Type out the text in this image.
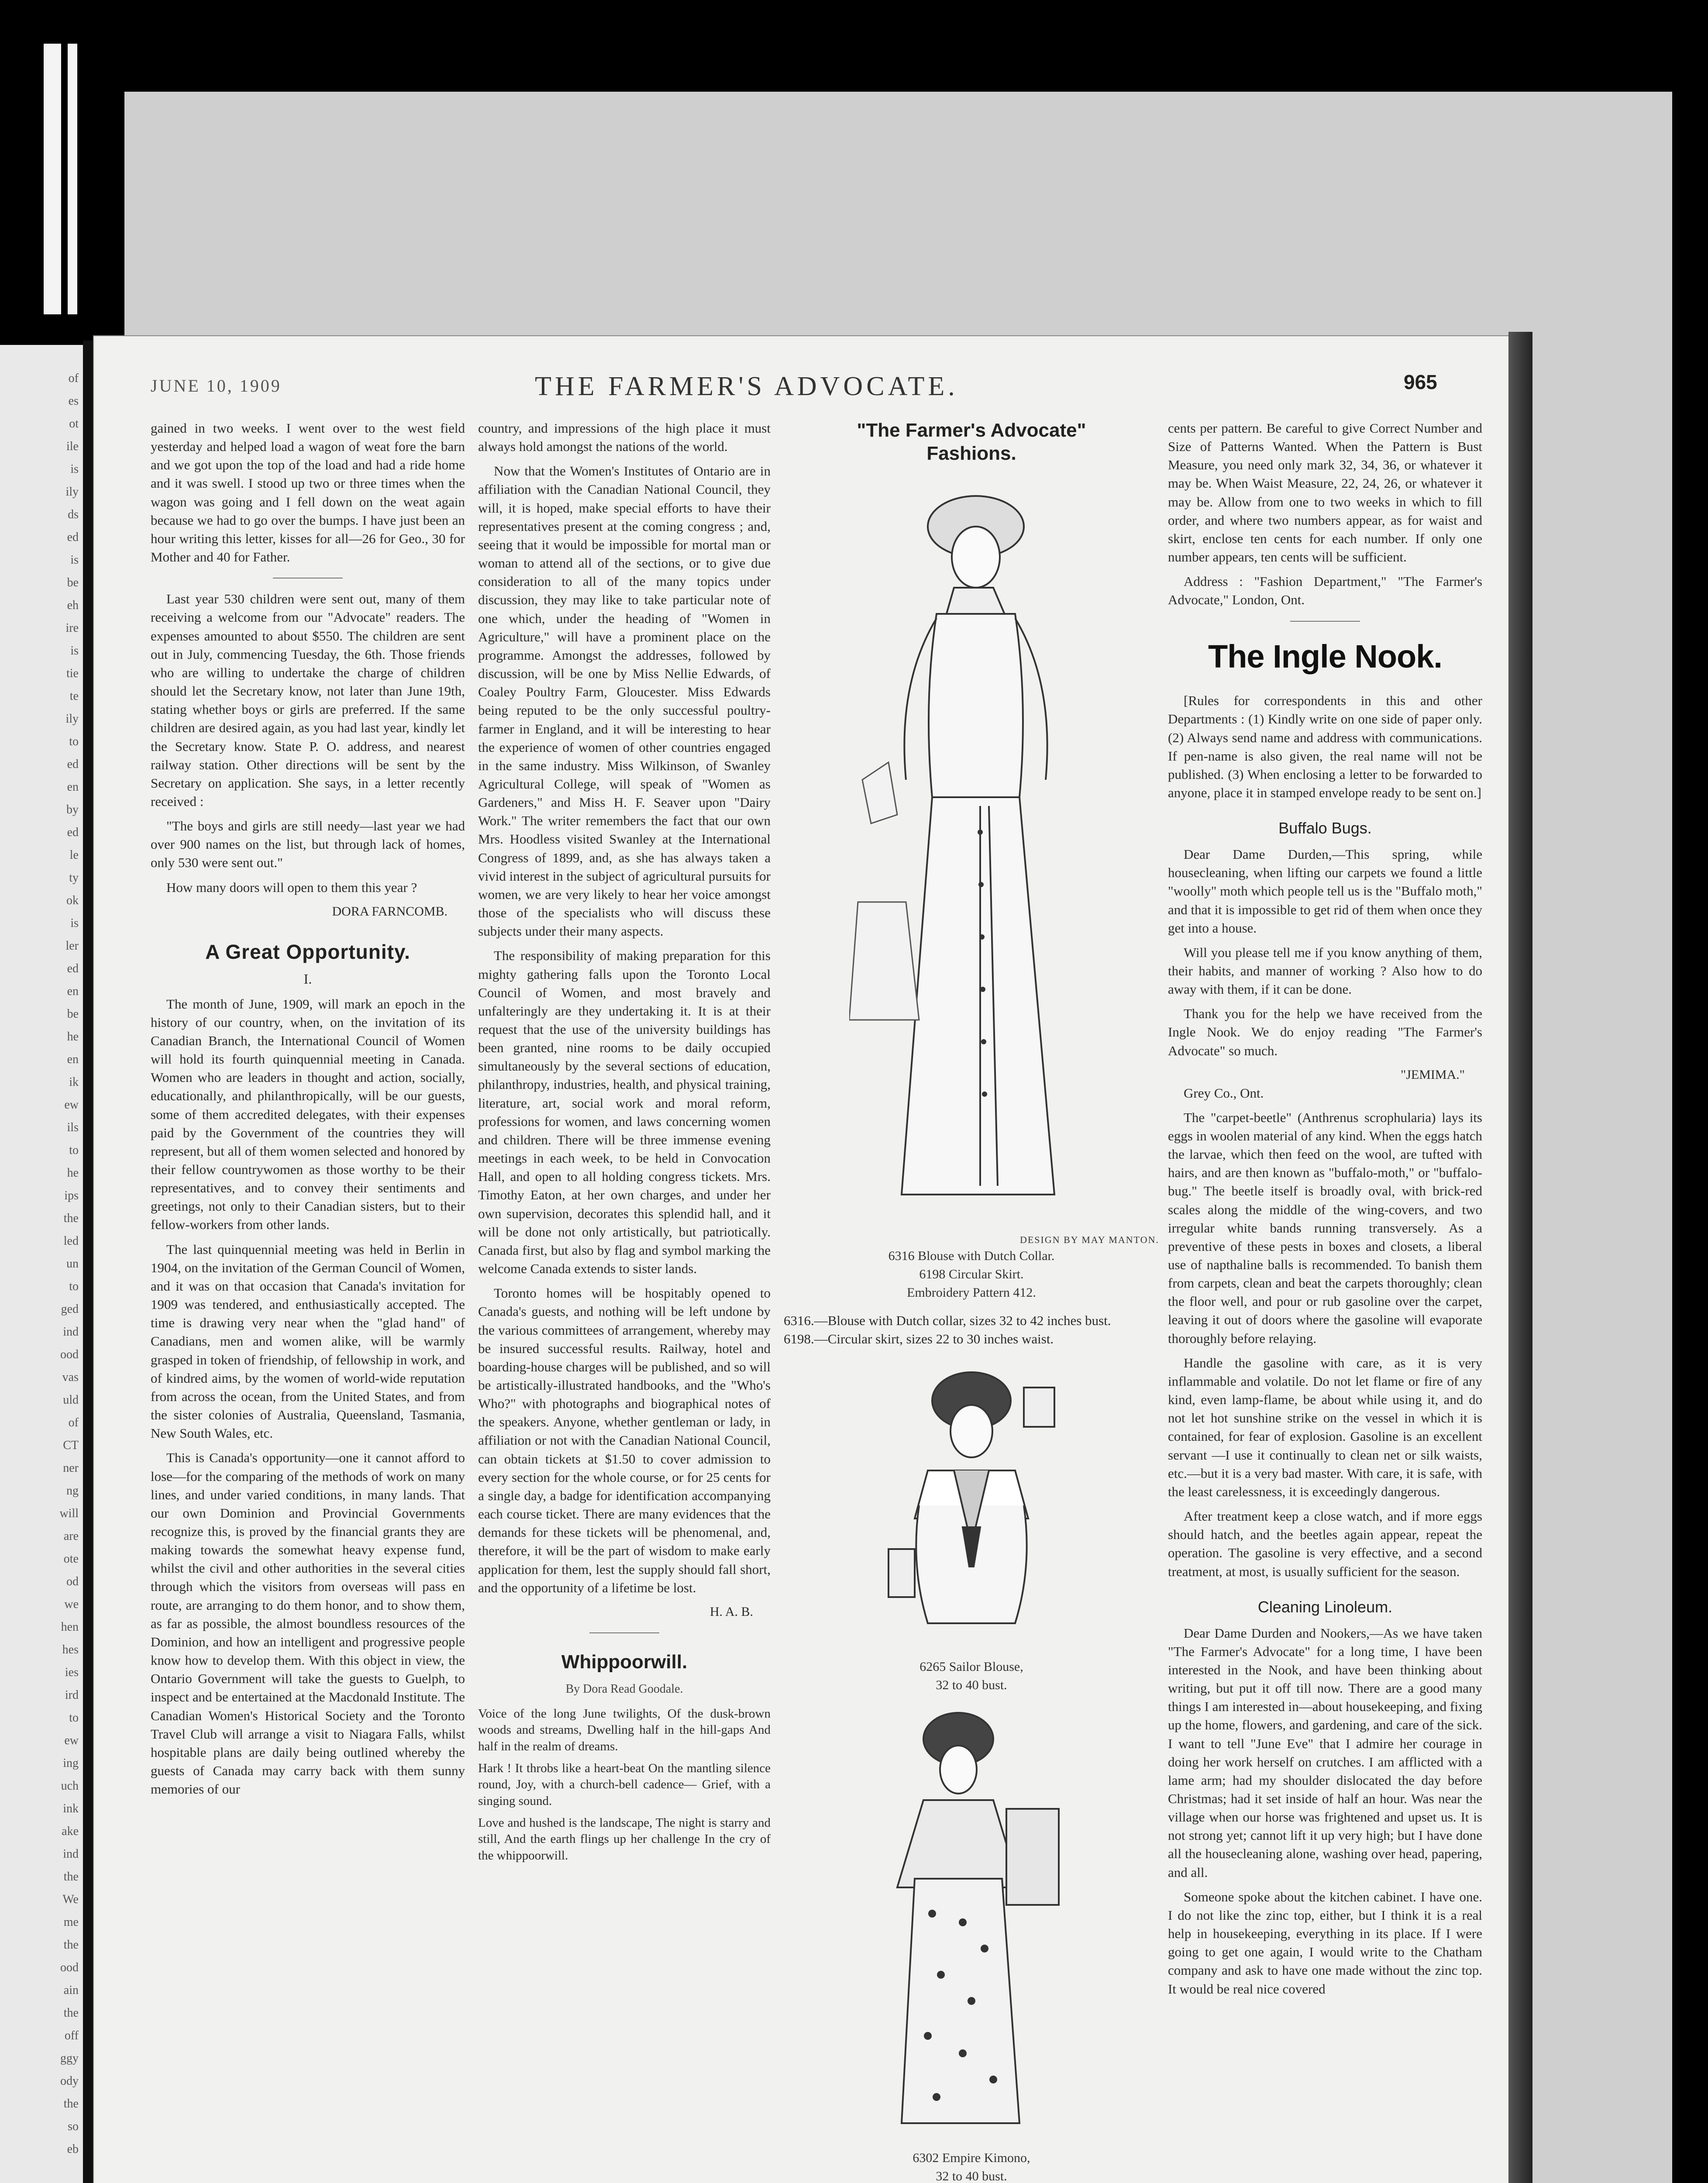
of
es
ot
ile
is
ily
ds
ed
is
be
eh
ire
is
tie
te
ily
to
ed
en
by
ed
le
ty
ok
is
ler
ed
en
be
he
en
ik
ew
ils
to
he
ips
the
led
un
to
ged
ind
ood
vas
uld
of
CT
ner
ng
will
are
ote
od
we
hen
hes
ies
ird
to
ew
ing
uch
ink
ake
ind
the
We
me
the
ood
ain
the
off
ggy
ody
the
so
eb
JUNE 10, 1909	THE FARMER'S ADVOCATE.	965

gained in two weeks. I went over to the west field yesterday and helped load a wagon of weat fore the barn and we got upon the top of the load and had a ride home and it was swell. I stood up two or three times when the wagon was going and I fell down on the weat again because we had to go over the bumps. I have just been an hour writing this letter, kisses for all—26 for Geo., 30 for Mother and 40 for Father.

Last year 530 children were sent out, many of them receiving a welcome from our "Advocate" readers. The expenses amounted to about $550. The children are sent out in July, commencing Tuesday, the 6th. Those friends who are willing to undertake the charge of children should let the Secretary know, not later than June 19th, stating whether boys or girls are preferred. If the same children are desired again, as you had last year, kindly let the Secretary know. State P. O. address, and nearest railway station. Other directions will be sent by the Secretary on application. She says, in a letter recently received :

"The boys and girls are still needy—last year we had over 900 names on the list, but through lack of homes, only 530 were sent out."

How many doors will open to them this year ?

DORA FARNCOMB.
A Great Opportunity.
I.

The month of June, 1909, will mark an epoch in the history of our country, when, on the invitation of its Canadian Branch, the International Council of Women will hold its fourth quinquennial meeting in Canada. Women who are leaders in thought and action, socially, educationally, and philanthropically, will be our guests, some of them accredited delegates, with their expenses paid by the Government of the countries they will represent, but all of them women selected and honored by their fellow countrywomen as those worthy to be their representatives, and to convey their sentiments and greetings, not only to their Canadian sisters, but to their fellow-workers from other lands.

The last quinquennial meeting was held in Berlin in 1904, on the invitation of the German Council of Women, and it was on that occasion that Canada's invitation for 1909 was tendered, and enthusiastically accepted. The time is drawing very near when the "glad hand" of Canadians, men and women alike, will be warmly grasped in token of friendship, of fellowship in work, and of kindred aims, by the women of world-wide reputation from across the ocean, from the United States, and from the sister colonies of Australia, Queensland, Tasmania, New South Wales, etc.

This is Canada's opportunity—one it cannot afford to lose—for the comparing of the methods of work on many lines, and under varied conditions, in many lands. That our own Dominion and Provincial Governments recognize this, is proved by the financial grants they are making towards the somewhat heavy expense fund, whilst the civil and other authorities in the several cities through which the visitors from overseas will pass en route, are arranging to do them honor, and to show them, as far as possible, the almost boundless resources of the Dominion, and how an intelligent and progressive people know how to develop them. With this object in view, the Ontario Government will take the guests to Guelph, to inspect and be entertained at the Macdonald Institute. The Canadian Women's Historical Society and the Toronto Travel Club will arrange a visit to Niagara Falls, whilst hospitable plans are daily being outlined whereby the guests of Canada may carry back with them sunny memories of our

country, and impressions of the high place it must always hold amongst the nations of the world.

Now that the Women's Institutes of Ontario are in affiliation with the Canadian National Council, they will, it is hoped, make special efforts to have their representatives present at the coming congress ; and, seeing that it would be impossible for mortal man or woman to attend all of the sections, or to give due consideration to all of the many topics under discussion, they may like to take particular note of one which, under the heading of "Women in Agriculture," will have a prominent place on the programme. Amongst the addresses, followed by discussion, will be one by Miss Nellie Edwards, of Coaley Poultry Farm, Gloucester. Miss Edwards being reputed to be the only successful poultry-farmer in England, and it will be interesting to hear the experience of women of other countries engaged in the same industry. Miss Wilkinson, of Swanley Agricultural College, will speak of "Women as Gardeners," and Miss H. F. Seaver upon "Dairy Work." The writer remembers the fact that our own Mrs. Hoodless visited Swanley at the International Congress of 1899, and, as she has always taken a vivid interest in the subject of agricultural pursuits for women, we are very likely to hear her voice amongst those of the specialists who will discuss these subjects under their many aspects.

The responsibility of making preparation for this mighty gathering falls upon the Toronto Local Council of Women, and most bravely and unfalteringly are they undertaking it. It is at their request that the use of the university buildings has been granted, nine rooms to be daily occupied simultaneously by the several sections of education, philanthropy, industries, health, and physical training, literature, art, social work and moral reform, professions for women, and laws concerning women and children. There will be three immense evening meetings in each week, to be held in Convocation Hall, and open to all holding congress tickets. Mrs. Timothy Eaton, at her own charges, and under her own supervision, decorates this splendid hall, and it will be done not only artistically, but patriotically. Canada first, but also by flag and symbol marking the welcome Canada extends to sister lands.

Toronto homes will be hospitably opened to Canada's guests, and nothing will be left undone by the various committees of arrangement, whereby may be insured successful results. Railway, hotel and boarding-house charges will be published, and so will be artistically-illustrated handbooks, and the "Who's Who?" with photographs and biographical notes of the speakers. Anyone, whether gentleman or lady, in affiliation or not with the Canadian National Council, can obtain tickets at $1.50 to cover admission to every section for the whole course, or for 25 cents for a single day, a badge for identification accompanying each course ticket. There are many evidences that the demands for these tickets will be phenomenal, and, therefore, it will be the part of wisdom to make early application for them, lest the supply should fall short, and the opportunity of a lifetime be lost.

H. A. B.
Whippoorwill.
By Dora Read Goodale.

Voice of the long June twilights, Of the dusk-brown woods and streams, Dwelling half in the hill-gaps And half in the realm of dreams.

Hark ! It throbs like a heart-beat On the mantling silence round, Joy, with a church-bell cadence— Grief, with a singing sound.

Love and hushed is the landscape, The night is starry and still, And the earth flings up her challenge In the cry of the whippoorwill.

"The Farmer's Advocate"
Fashions.
DESIGN BY MAY MANTON.
6316 Blouse with Dutch Collar.
6198 Circular Skirt.
Embroidery Pattern 412.
6316.—Blouse with Dutch collar, sizes 32 to 42 inches bust.
6198.—Circular skirt, sizes 22 to 30 inches waist.
6265 Sailor Blouse,
32 to 40 bust.
6302 Empire Kimono,
32 to 40 bust.

cents per pattern. Be careful to give Correct Number and Size of Patterns Wanted. When the Pattern is Bust Measure, you need only mark 32, 34, 36, or whatever it may be. When Waist Measure, 22, 24, 26, or whatever it may be. Allow from one to two weeks in which to fill order, and where two numbers appear, as for waist and skirt, enclose ten cents for each number. If only one number appears, ten cents will be sufficient.

Address : "Fashion Department," "The Farmer's Advocate," London, Ont.

The Ingle Nook.

[Rules for correspondents in this and other Departments : (1) Kindly write on one side of paper only. (2) Always send name and address with communications. If pen-name is also given, the real name will not be published. (3) When enclosing a letter to be forwarded to anyone, place it in stamped envelope ready to be sent on.]

Buffalo Bugs.

Dear Dame Durden,—This spring, while housecleaning, when lifting our carpets we found a little "woolly" moth which people tell us is the "Buffalo moth," and that it is impossible to get rid of them when once they get into a house.

Will you please tell me if you know anything of them, their habits, and manner of working ? Also how to do away with them, if it can be done.

Thank you for the help we have received from the Ingle Nook. We do enjoy reading "The Farmer's Advocate" so much.

"JEMIMA."

Grey Co., Ont.

The "carpet-beetle" (Anthrenus scrophularia) lays its eggs in woolen material of any kind. When the eggs hatch the larvae, which then feed on the wool, are tufted with hairs, and are then known as "buffalo-moth," or "buffalo-bug." The beetle itself is broadly oval, with brick-red scales along the middle of the wing-covers, and two irregular white bands running transversely. As a preventive of these pests in boxes and closets, a liberal use of napthaline balls is recommended. To banish them from carpets, clean and beat the carpets thoroughly; clean the floor well, and pour or rub gasoline over the carpet, leaving it out of doors where the gasoline will evaporate thoroughly before relaying.

Handle the gasoline with care, as it is very inflammable and volatile. Do not let flame or fire of any kind, even lamp-flame, be about while using it, and do not let hot sunshine strike on the vessel in which it is contained, for fear of explosion. Gasoline is an excellent servant —I use it continually to clean net or silk waists, etc.—but it is a very bad master. With care, it is safe, with the least carelessness, it is exceedingly dangerous.

After treatment keep a close watch, and if more eggs should hatch, and the beetles again appear, repeat the operation. The gasoline is very effective, and a second treatment, at most, is usually sufficient for the season.

Cleaning Linoleum.

Dear Dame Durden and Nookers,—As we have taken "The Farmer's Advocate" for a long time, I have been interested in the Nook, and have been thinking about writing, but put it off till now. There are a good many things I am interested in—about housekeeping, and fixing up the home, flowers, and gardening, and care of the sick. I want to tell "June Eve" that I admire her courage in doing her work herself on crutches. I am afflicted with a lame arm; had my shoulder dislocated the day before Christmas; had it set inside of half an hour. Was near the village when our horse was frightened and upset us. It is not strong yet; cannot lift it up very high; but I have done all the housecleaning alone, washing over head, papering, and all.

Someone spoke about the kitchen cabinet. I have one. I do not like the zinc top, either, but I think it is a real help in housekeeping, everything in its place. If I were going to get one again, I would write to the Chatham company and ask to have one made without the zinc top. It would be real nice covered
